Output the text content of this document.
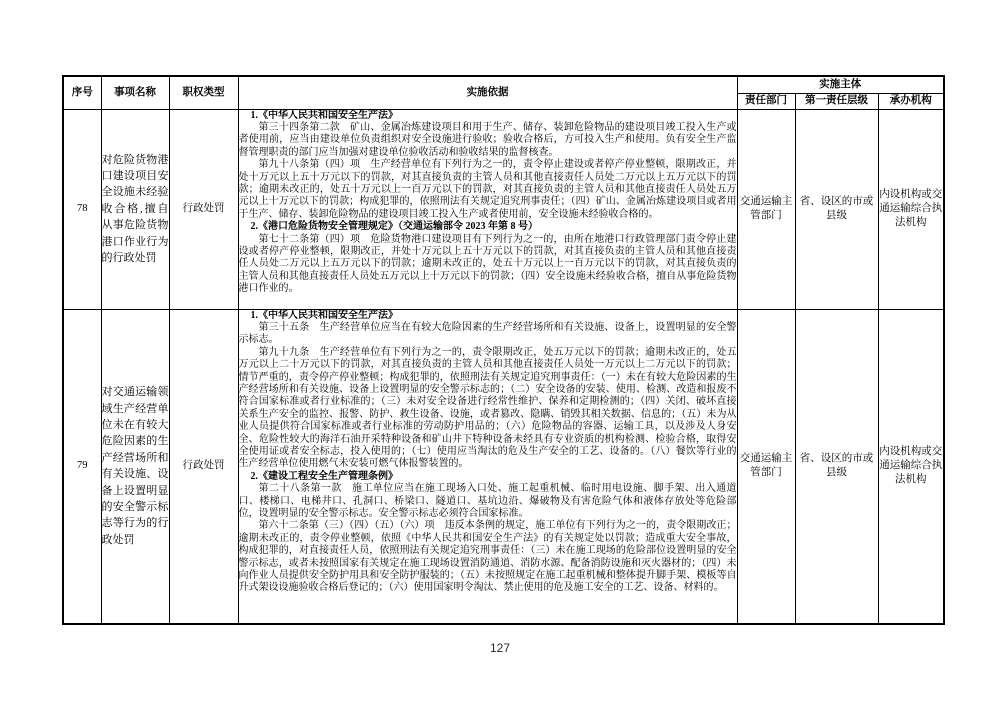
序号	事项名称	职权类型	实施依据	实施主体		
				责任部门	第一责任层级	承办机构
78	对危险货物港口建设项目安全设施未经验收合格,擅自从事危险货物港口作业行为的行政处罚	行政处罚	1.《中华人民共和国安全生产法》

第三十四条第二款　矿山、金属冶炼建设项目和用于生产、储存、装卸危险物品的建设项目竣工投入生产或者使用前，应当由建设单位负责组织对安全设施进行验收；验收合格后，方可投入生产和使用。负有安全生产监督管理职责的部门应当加强对建设单位验收活动和验收结果的监督核查。

第九十八条第（四）项　生产经营单位有下列行为之一的，责令停止建设或者停产停业整顿，限期改正，并处十万元以上五十万元以下的罚款，对其直接负责的主管人员和其他直接责任人员处二万元以上五万元以下的罚款；逾期未改正的，处五十万元以上一百万元以下的罚款，对其直接负责的主管人员和其他直接责任人员处五万元以上十万元以下的罚款；构成犯罪的，依照刑法有关规定追究刑事责任；（四）矿山、金属冶炼建设项目或者用于生产、储存、装卸危险物品的建设项目竣工投入生产或者使用前，安全设施未经验收合格的。

2.《港口危险货物安全管理规定》（交通运输部令 2023 年第 8 号）

第七十二条第（四）项　危险货物港口建设项目有下列行为之一的，由所在地港口行政管理部门责令停止建设或者停产停业整顿，限期改正，并处十万元以上五十万元以下的罚款，对其直接负责的主管人员和其他直接责任人员处二万元以上五万元以下的罚款；逾期未改正的，处五十万元以上一百万元以下的罚款，对其直接负责的主管人员和其他直接责任人员处五万元以上十万元以下的罚款；（四）安全设施未经验收合格，擅自从事危险货物港口作业的。	交通运输主管部门	省、设区的市或县级	内设机构或交通运输综合执法机构
79	对交通运输领域生产经营单位未在有较大危险因素的生产经营场所和有关设施、设备上设置明显的安全警示标志等行为的行政处罚	行政处罚	

1.《中华人民共和国安全生产法》

第三十五条　生产经营单位应当在有较大危险因素的生产经营场所和有关设施、设备上，设置明显的安全警示标志。

第九十九条　生产经营单位有下列行为之一的，责令限期改正，处五万元以下的罚款；逾期未改正的，处五万元以上二十万元以下的罚款，对其直接负责的主管人员和其他直接责任人员处一万元以上二万元以下的罚款；情节严重的，责令停产停业整顿；构成犯罪的，依照刑法有关规定追究刑事责任：（一）未在有较大危险因素的生产经营场所和有关设施、设备上设置明显的安全警示标志的；（二）安全设备的安装、使用、检测、改造和报废不符合国家标准或者行业标准的；（三）未对安全设备进行经常性维护、保养和定期检测的；（四）关闭、破坏直接关系生产安全的监控、报警、防护、救生设备、设施，或者篡改、隐瞒、销毁其相关数据、信息的；（五）未为从业人员提供符合国家标准或者行业标准的劳动防护用品的；（六）危险物品的容器、运输工具，以及涉及人身安全、危险性较大的海洋石油开采特种设备和矿山井下特种设备未经具有专业资质的机构检测、检验合格，取得安全使用证或者安全标志，投入使用的；（七）使用应当淘汰的危及生产安全的工艺、设备的。（八）餐饮等行业的生产经营单位使用燃气未安装可燃气体报警装置的。

2.《建设工程安全生产管理条例》

第二十八条第一款　施工单位应当在施工现场入口处、施工起重机械、临时用电设施、脚手架、出入通道口、楼梯口、电梯井口、孔洞口、桥梁口、隧道口、基坑边沿、爆破物及有害危险气体和液体存放处等危险部位，设置明显的安全警示标志。安全警示标志必须符合国家标准。

第六十二条第（三）（四）（五）（六）项　违反本条例的规定，施工单位有下列行为之一的，责令限期改正；逾期未改正的，责令停业整顿，依照《中华人民共和国安全生产法》的有关规定处以罚款；造成重大安全事故，构成犯罪的，对直接责任人员，依照刑法有关规定追究刑事责任：（三）未在施工现场的危险部位设置明显的安全警示标志，或者未按照国家有关规定在施工现场设置消防通道、消防水源、配备消防设施和灭火器材的；（四）未向作业人员提供安全防护用具和安全防护服装的；（五）未按照规定在施工起重机械和整体提升脚手架、模板等自升式架设设施验收合格后登记的；（六）使用国家明令淘汰、禁止使用的危及施工安全的工艺、设备、材料的。

	交通运输主管部门	省、设区的市或县级	内设机构或交通运输综合执法机构
127
